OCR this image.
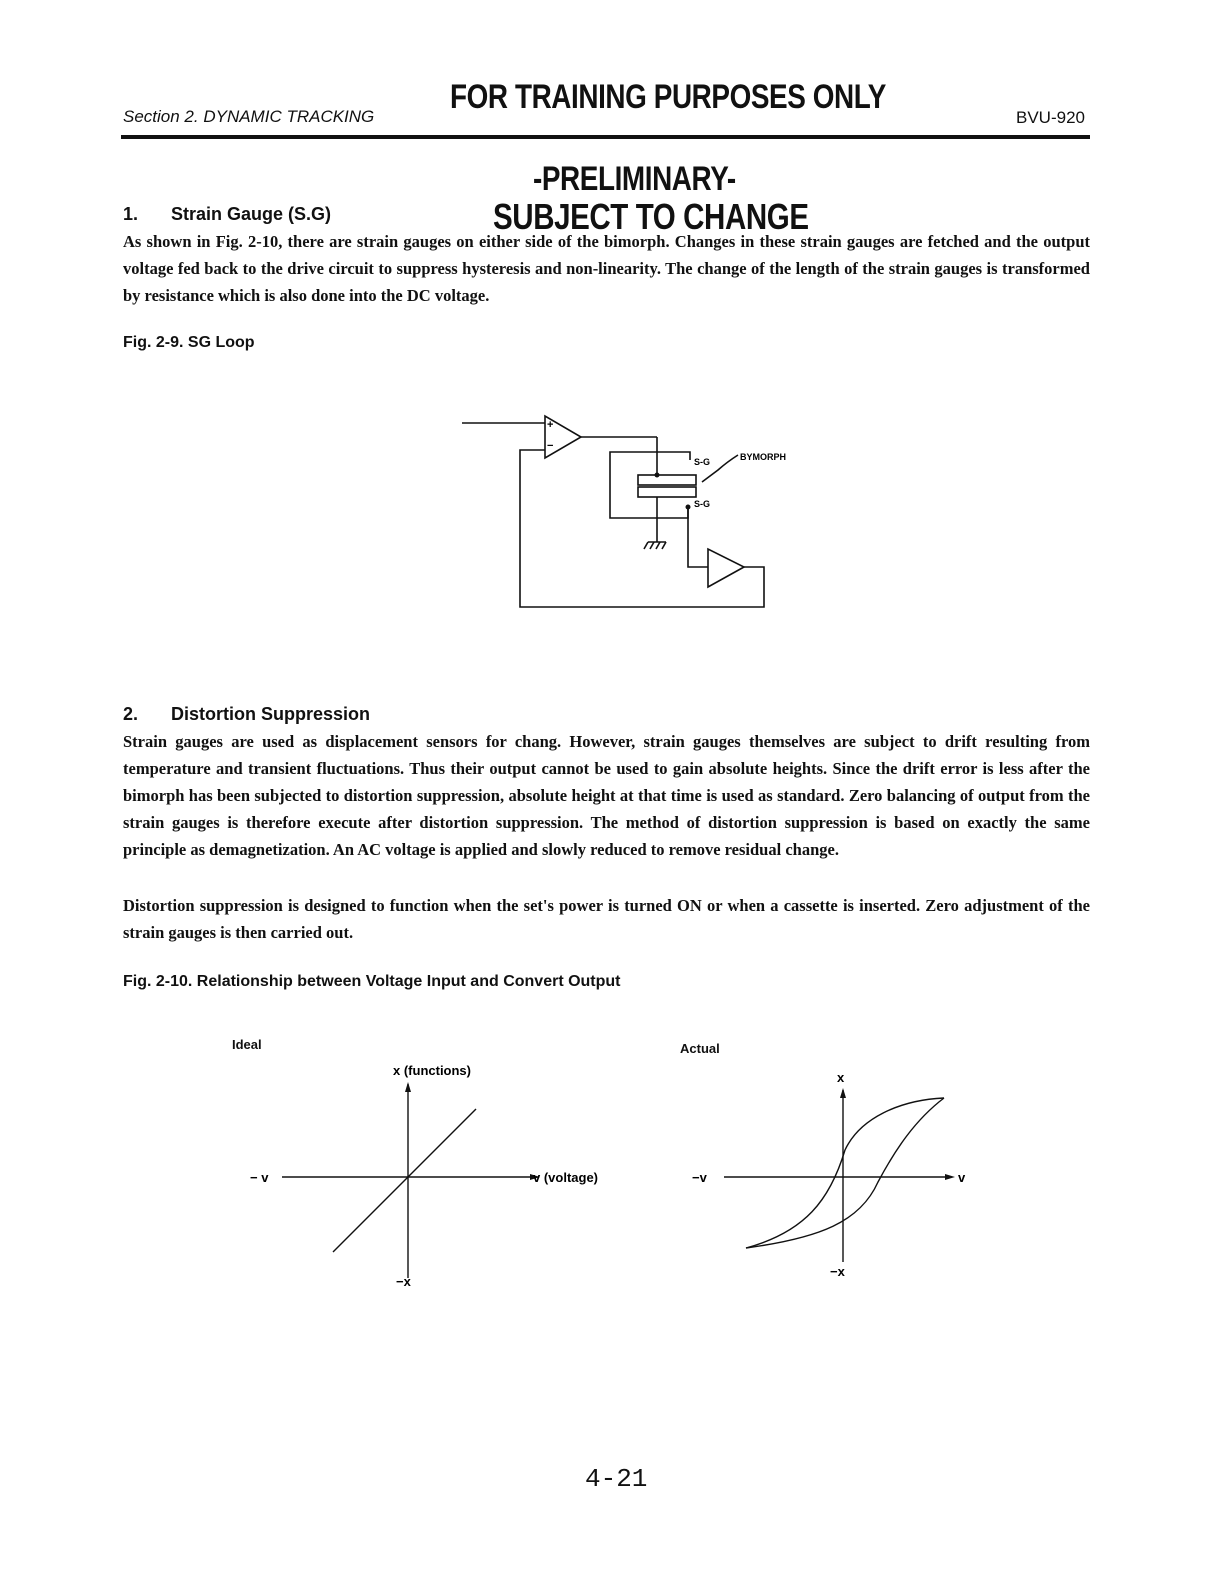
FOR TRAINING PURPOSES ONLY
Section 2. DYNAMIC TRACKING	BVU-920
-PRELIMINARY-
SUBJECT TO CHANGE
1. Strain Gauge (S.G)
As shown in Fig. 2-10, there are strain gauges on either side of the bimorph. Changes in these strain gauges are fetched and the output voltage fed back to the drive circuit to suppress hysteresis and non-linearity. The change of the length of the strain gauges is transformed by resistance which is also done into the DC voltage.
Fig. 2-9. SG Loop
+
−
S-G
S-G
BYMORPH
2. Distortion Suppression
Strain gauges are used as displacement sensors for chang. However, strain gauges themselves are subject to drift resulting from temperature and transient fluctuations. Thus their output cannot be used to gain absolute heights. Since the drift error is less after the bimorph has been subjected to distortion suppression, absolute height at that time is used as standard. Zero balancing of output from the strain gauges is therefore execute after distortion suppression. The method of distortion suppression is based on exactly the same principle as demagnetization. An AC voltage is applied and slowly reduced to remove residual change.
Distortion suppression is designed to function when the set's power is turned ON or when a cassette is inserted. Zero adjustment of the strain gauges is then carried out.
Fig. 2-10. Relationship between Voltage Input and Convert Output
Ideal
x (functions)
−x
− v	v (voltage)
Actual
x
−x
−v	v
4-21
